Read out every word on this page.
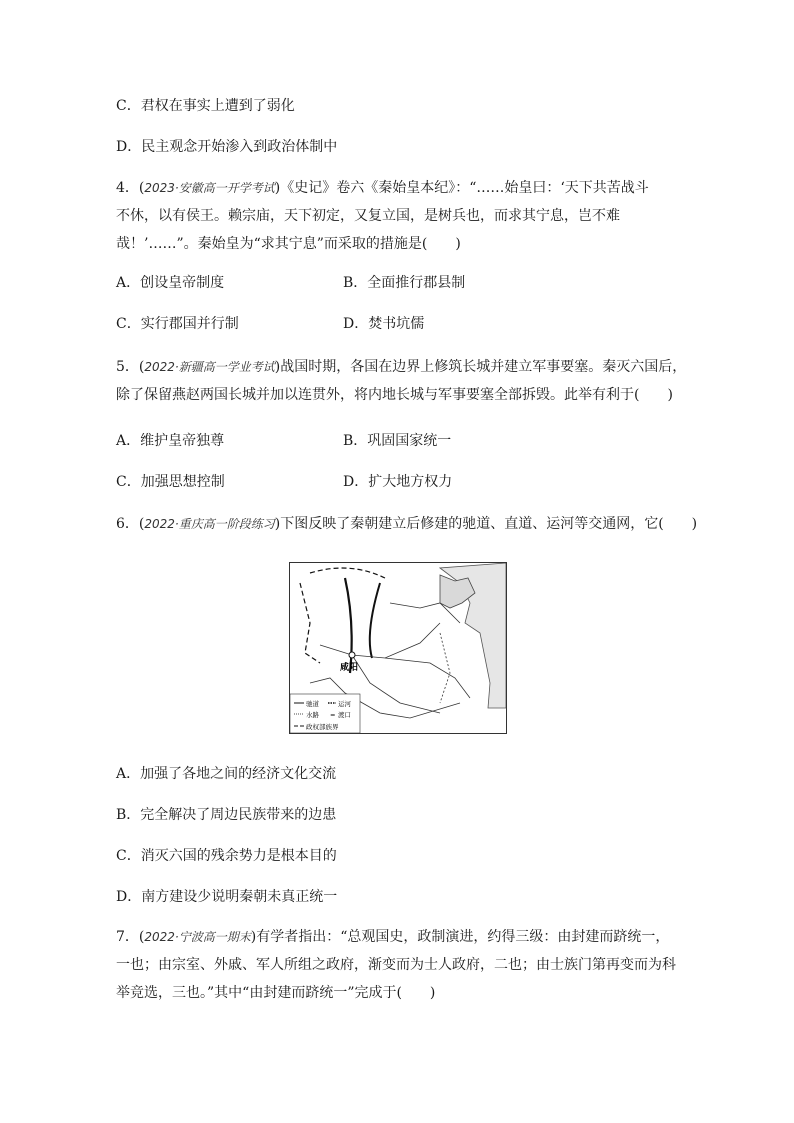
C．君权在事实上遭到了弱化
D．民主观念开始渗入到政治体制中
4．(2023·安徽高一开学考试)《史记》卷六《秦始皇本纪》：“……始皇曰：‘天下共苦战斗
不休，以有侯王。赖宗庙，天下初定，又复立国，是树兵也，而求其宁息，岂不难
哉！’……”。秦始皇为“求其宁息”而采取的措施是(　　)
A．创设皇帝制度	B．全面推行郡县制
C．实行郡国并行制	D．焚书坑儒
5．(2022·新疆高一学业考试)战国时期，各国在边界上修筑长城并建立军事要塞。秦灭六国后，
除了保留燕赵两国长城并加以连贯外，将内地长城与军事要塞全部拆毁。此举有利于(　　)
A．维护皇帝独尊	B．巩固国家统一
C．加强思想控制	D．扩大地方权力
6．(2022·重庆高一阶段练习)下图反映了秦朝建立后修建的驰道、直道、运河等交通网，它(　　)
咸阳
驰道	运河
水路 = 渡口
政权部族界
A．加强了各地之间的经济文化交流
B．完全解决了周边民族带来的边患
C．消灭六国的残余势力是根本目的
D．南方建设少说明秦朝未真正统一
7．(2022·宁波高一期末)有学者指出：“总观国史，政制演进，约得三级：由封建而跻统一，
一也；由宗室、外戚、军人所组之政府，渐变而为士人政府，二也；由士族门第再变而为科
举竞选，三也。”其中“由封建而跻统一”完成于(　　)
